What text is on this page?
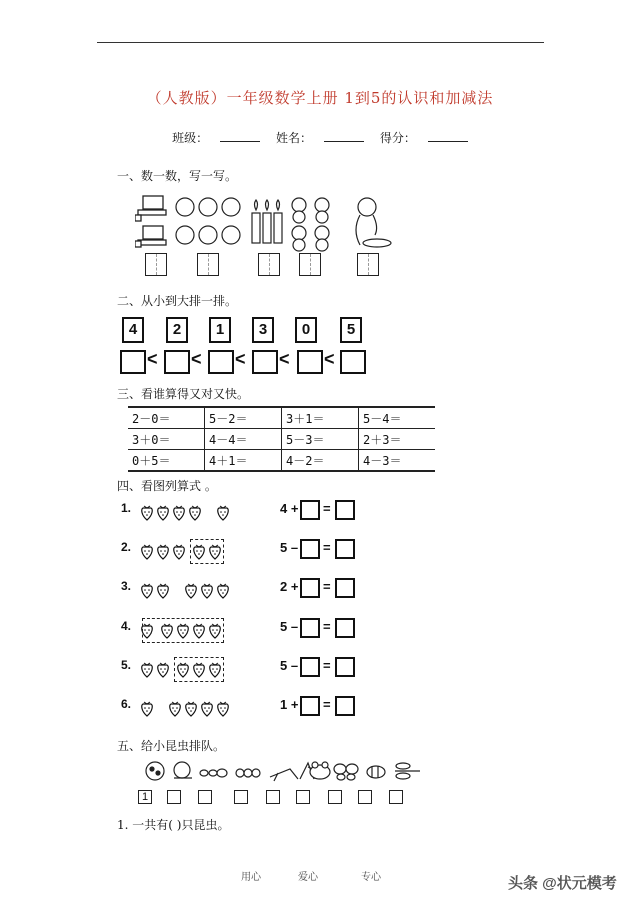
（人教版）一年级数学上册 1到5的认识和加减法
班级：	姓名：	得分：
一、数一数，写一写。
二、从小到大排一排。
三、看谁算得又对又快。
2－0＝	5－2＝	3＋1＝	5－4＝
3＋0＝	4－4＝	5－3＝	2＋3＝
0＋5＝	4＋1＝	4－2＝	4－3＝
四、看图列算式 。
五、给小昆虫排队。
1. 一共有( )只昆虫。
用心	爱心	专心	头条 @状元模考
4	2	1	3	0	5
< < < < <
1.	4 + =
2.	5 – =
3.	2 + =
4.	5 – =
5.	5 – =
6.	1 + =
1
